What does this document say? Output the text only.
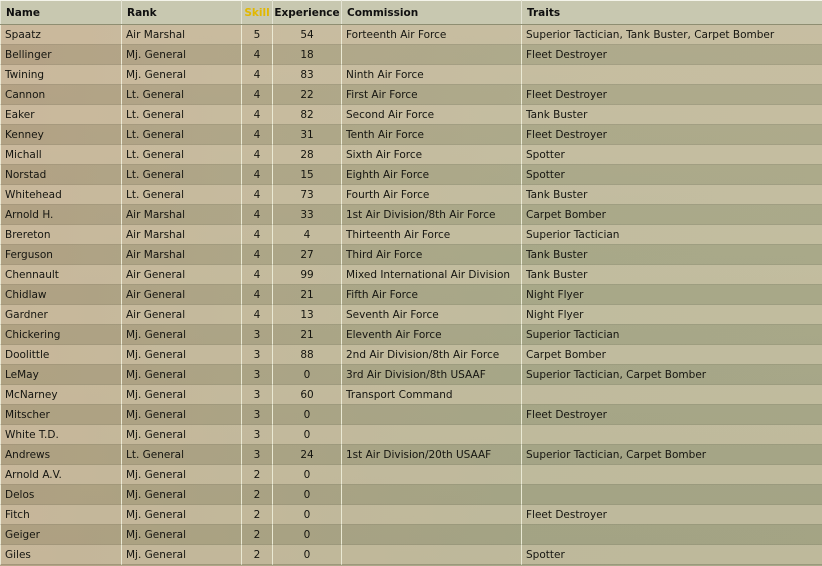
Name	Rank	Skill	Experience	Commission	Traits
Spaatz	Air Marshal	5	54	Forteenth Air Force	Superior Tactician, Tank Buster, Carpet Bomber
Bellinger	Mj. General	4	18		Fleet Destroyer
Twining	Mj. General	4	83	Ninth Air Force	
Cannon	Lt. General	4	22	First Air Force	Fleet Destroyer
Eaker	Lt. General	4	82	Second Air Force	Tank Buster
Kenney	Lt. General	4	31	Tenth Air Force	Fleet Destroyer
Michall	Lt. General	4	28	Sixth Air Force	Spotter
Norstad	Lt. General	4	15	Eighth Air Force	Spotter
Whitehead	Lt. General	4	73	Fourth Air Force	Tank Buster
Arnold H.	Air Marshal	4	33	1st Air Division/8th Air Force	Carpet Bomber
Brereton	Air Marshal	4	4	Thirteenth Air Force	Superior Tactician
Ferguson	Air Marshal	4	27	Third Air Force	Tank Buster
Chennault	Air General	4	99	Mixed International Air Division	Tank Buster
Chidlaw	Air General	4	21	Fifth Air Force	Night Flyer
Gardner	Air General	4	13	Seventh Air Force	Night Flyer
Chickering	Mj. General	3	21	Eleventh Air Force	Superior Tactician
Doolittle	Mj. General	3	88	2nd Air Division/8th Air Force	Carpet Bomber
LeMay	Mj. General	3	0	3rd Air Division/8th USAAF	Superior Tactician, Carpet Bomber
McNarney	Mj. General	3	60	Transport Command	
Mitscher	Mj. General	3	0		Fleet Destroyer
White T.D.	Mj. General	3	0		
Andrews	Lt. General	3	24	1st Air Division/20th USAAF	Superior Tactician, Carpet Bomber
Arnold A.V.	Mj. General	2	0		
Delos	Mj. General	2	0		
Fitch	Mj. General	2	0		Fleet Destroyer
Geiger	Mj. General	2	0		
Giles	Mj. General	2	0		Spotter
